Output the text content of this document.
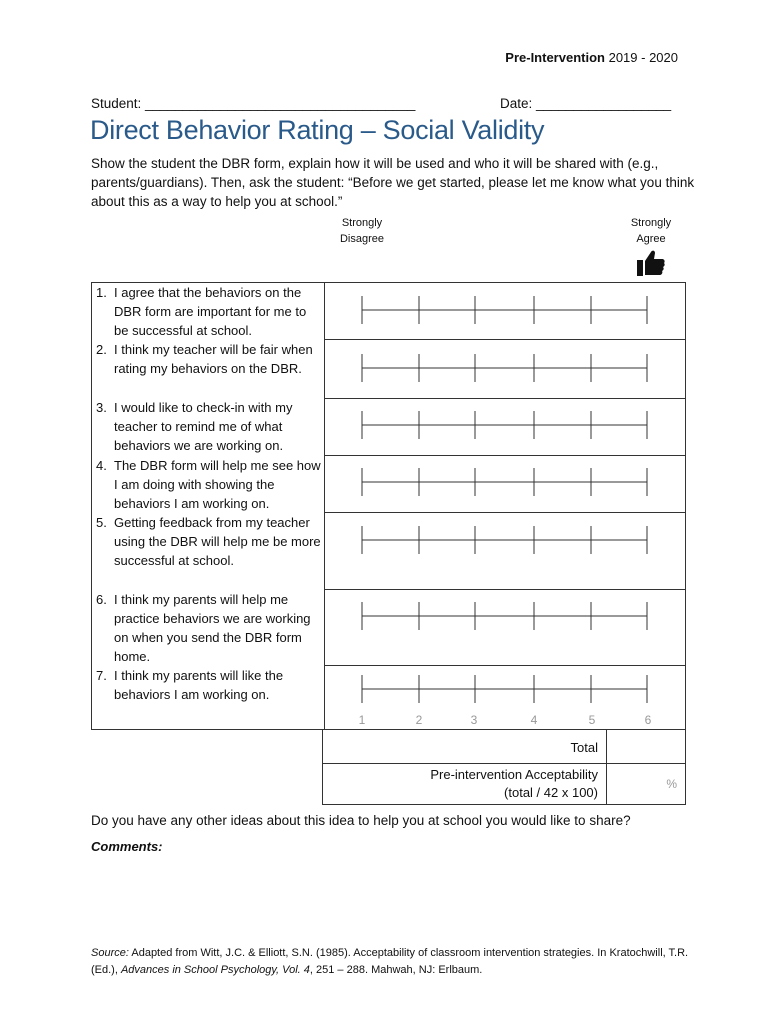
Pre-Intervention 2019 - 2020
Student: ____________________________________	Date: __________________
Direct Behavior Rating – Social Validity
Show the student the DBR form, explain how it will be used and who it will be shared with (e.g., parents/guardians). Then, ask the student: “Before we get started, please let me know what you think about this as a way to help you at school.”
Strongly
Disagree
Strongly
Agree
1. I agree that the behaviors on the DBR form are important for me to be successful at school.
2. I think my teacher will be fair when rating my behaviors on the DBR.
3. I would like to check-in with my teacher to remind me of what behaviors we are working on.
4. The DBR form will help me see how I am doing with showing the behaviors I am working on.
5. Getting feedback from my teacher using the DBR will help me be more successful at school.
6. I think my parents will help me practice behaviors we are working on when you send the DBR form home.
7. I think my parents will like the behaviors I am working on.
1	2	3	4	5	6
Total
Pre-intervention Acceptability
(total / 42 x 100)
%
Do you have any other ideas about this idea to help you at school you would like to share?
Comments:
Source: Adapted from Witt, J.C. & Elliott, S.N. (1985). Acceptability of classroom intervention strategies. In Kratochwill, T.R. (Ed.), Advances in School Psychology, Vol. 4, 251 – 288. Mahwah, NJ: Erlbaum.
